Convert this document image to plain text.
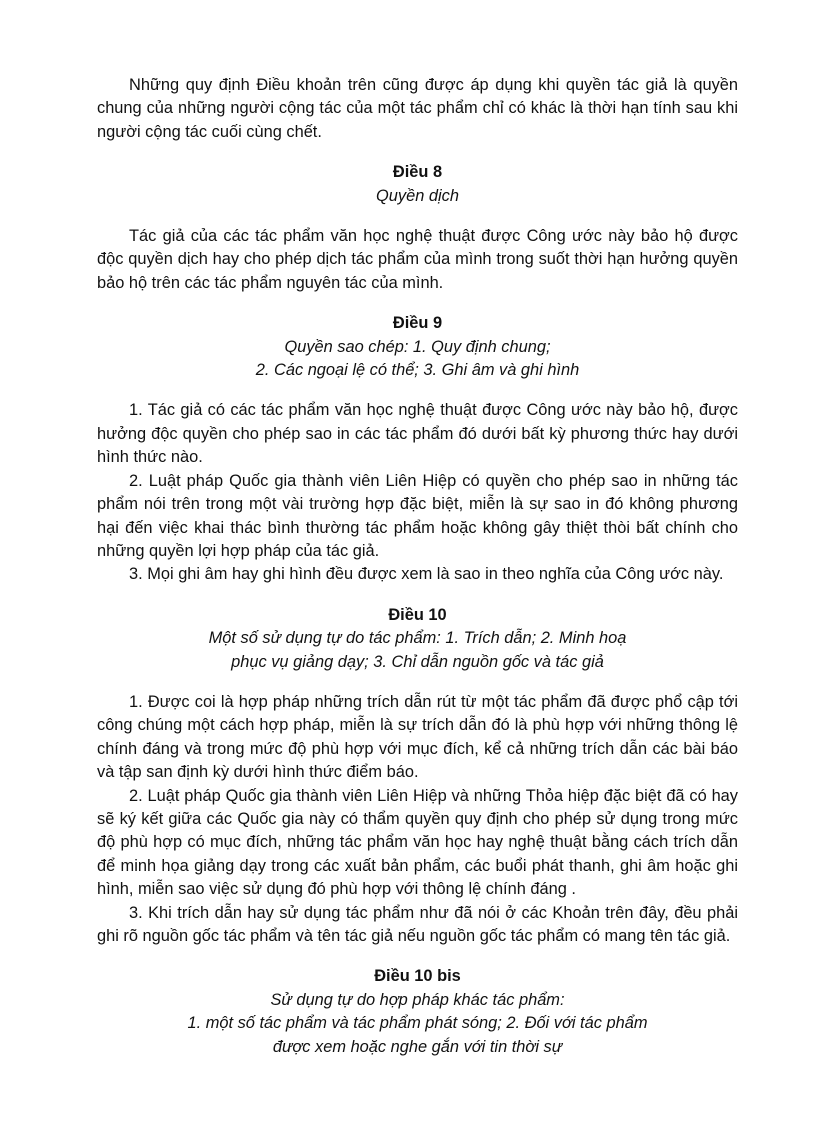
Những quy định Điều khoản trên cũng được áp dụng khi quyền tác giả là quyền chung của những người cộng tác của một tác phẩm chỉ có khác là thời hạn tính sau khi người cộng tác cuối cùng chết.

Điều 8

Quyền dịch

Tác giả của các tác phẩm văn học nghệ thuật được Công ước này bảo hộ được độc quyền dịch hay cho phép dịch tác phẩm của mình trong suốt thời hạn hưởng quyền bảo hộ trên các tác phẩm nguyên tác của mình.

Điều 9

Quyền sao chép: 1. Quy định chung;
2. Các ngoại lệ có thể; 3. Ghi âm và ghi hình

1. Tác giả có các tác phẩm văn học nghệ thuật được Công ước này bảo hộ, được hưởng độc quyền cho phép sao in các tác phẩm đó dưới bất kỳ phương thức hay dưới hình thức nào.

2. Luật pháp Quốc gia thành viên Liên Hiệp có quyền cho phép sao in những tác phẩm nói trên trong một vài trường hợp đặc biệt, miễn là sự sao in đó không phương hại đến việc khai thác bình thường tác phẩm hoặc không gây thiệt thòi bất chính cho những quyền lợi hợp pháp của tác giả.

3. Mọi ghi âm hay ghi hình đều được xem là sao in theo nghĩa của Công ước này.

Điều 10

Một số sử dụng tự do tác phẩm: 1. Trích dẫn; 2. Minh hoạ
phục vụ giảng dạy; 3. Chỉ dẫn nguồn gốc và tác giả

1. Được coi là hợp pháp những trích dẫn rút từ một tác phẩm đã được phổ cập tới công chúng một cách hợp pháp, miễn là sự trích dẫn đó là phù hợp với những thông lệ chính đáng và trong mức độ phù hợp với mục đích, kể cả những trích dẫn các bài báo và tập san định kỳ dưới hình thức điểm báo.

2. Luật pháp Quốc gia thành viên Liên Hiệp và những Thỏa hiệp đặc biệt đã có hay sẽ ký kết giữa các Quốc gia này có thẩm quyền quy định cho phép sử dụng trong mức độ phù hợp có mục đích, những tác phẩm văn học hay nghệ thuật bằng cách trích dẫn để minh họa giảng dạy trong các xuất bản phẩm, các buổi phát thanh, ghi âm hoặc ghi hình, miễn sao việc sử dụng đó phù hợp với thông lệ chính đáng .

3. Khi trích dẫn hay sử dụng tác phẩm như đã nói ở các Khoản trên đây, đều phải ghi rõ nguồn gốc tác phẩm và tên tác giả nếu nguồn gốc tác phẩm có mang tên tác giả.

Điều 10 bis

Sử dụng tự do hợp pháp khác tác phẩm:
1. một số tác phẩm và tác phẩm phát sóng; 2. Đối với tác phẩm
được xem hoặc nghe gắn với tin thời sự
